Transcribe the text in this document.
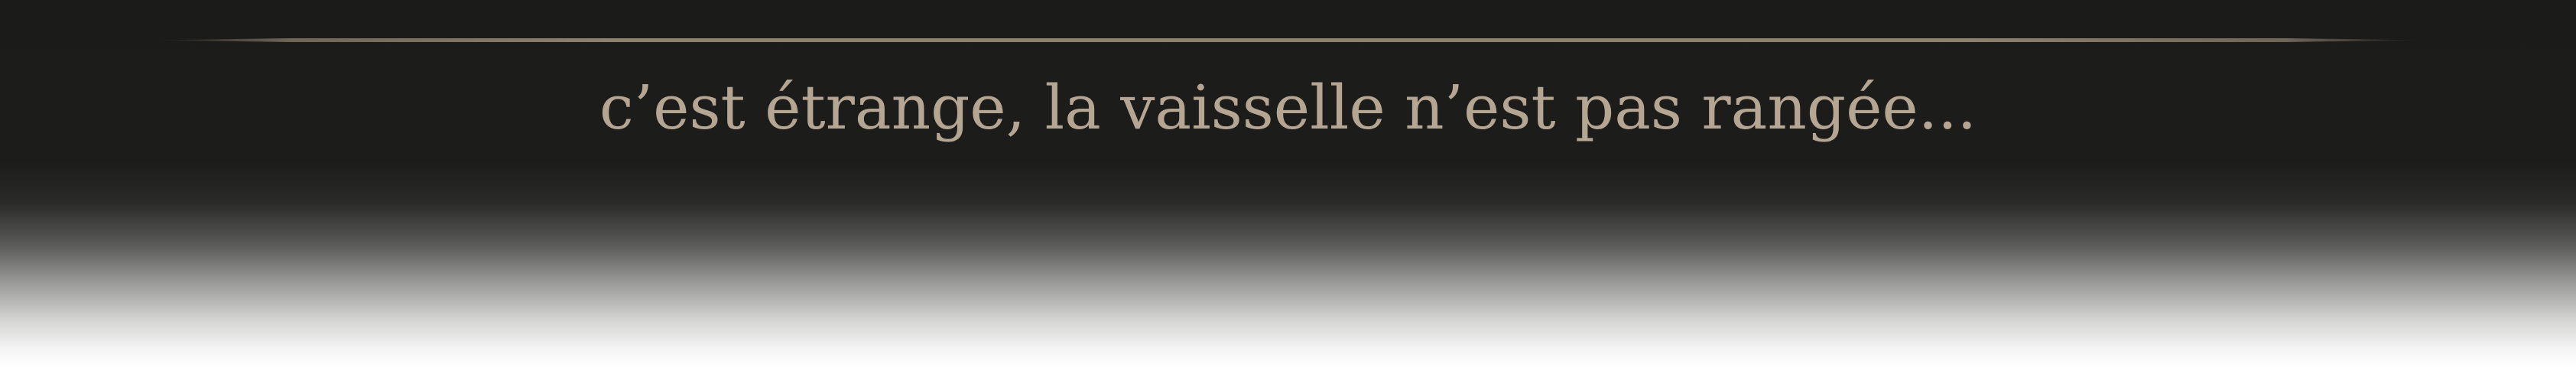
c’est étrange, la vaisselle n’est pas rangée...
